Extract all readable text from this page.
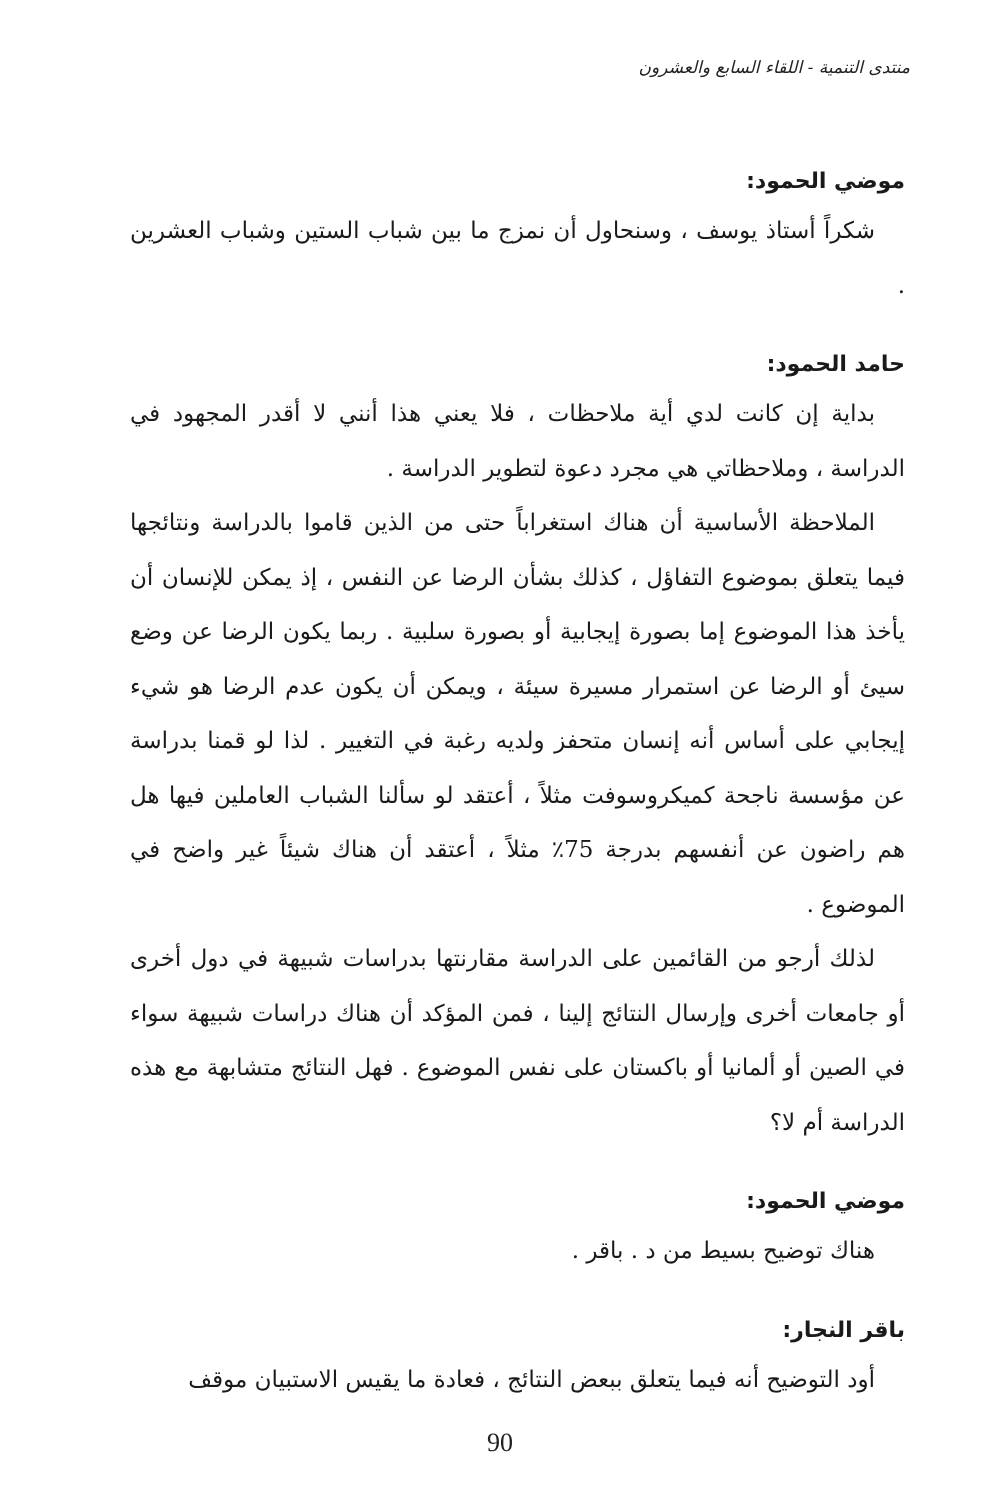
منتدى التنمية - اللقاء السابع والعشرون
موضي الحمود:

شكراً أستاذ يوسف ، وسنحاول أن نمزج ما بين شباب الستين وشباب العشرين .

حامد الحمود:

بداية إن كانت لدي أية ملاحظات ، فلا يعني هذا أنني لا أقدر المجهود في الدراسة ، وملاحظاتي هي مجرد دعوة لتطوير الدراسة .

الملاحظة الأساسية أن هناك استغراباً حتى من الذين قاموا بالدراسة ونتائجها فيما يتعلق بموضوع التفاؤل ، كذلك بشأن الرضا عن النفس ، إذ يمكن للإنسان أن يأخذ هذا الموضوع إما بصورة إيجابية أو بصورة سلبية . ربما يكون الرضا عن وضع سيئ أو الرضا عن استمرار مسيرة سيئة ، ويمكن أن يكون عدم الرضا هو شيء إيجابي على أساس أنه إنسان متحفز ولديه رغبة في التغيير . لذا لو قمنا بدراسة عن مؤسسة ناجحة كميكروسوفت مثلاً ، أعتقد لو سألنا الشباب العاملين فيها هل هم راضون عن أنفسهم بدرجة 75٪ مثلاً ، أعتقد أن هناك شيئاً غير واضح في الموضوع .

لذلك أرجو من القائمين على الدراسة مقارنتها بدراسات شبيهة في دول أخرى أو جامعات أخرى وإرسال النتائج إلينا ، فمن المؤكد أن هناك دراسات شبيهة سواء في الصين أو ألمانيا أو باكستان على نفس الموضوع . فهل النتائج متشابهة مع هذه الدراسة أم لا؟

موضي الحمود:

هناك توضيح بسيط من د . باقر .

باقر النجار:

أود التوضيح أنه فيما يتعلق ببعض النتائج ، فعادة ما يقيس الاستبيان موقف

90
